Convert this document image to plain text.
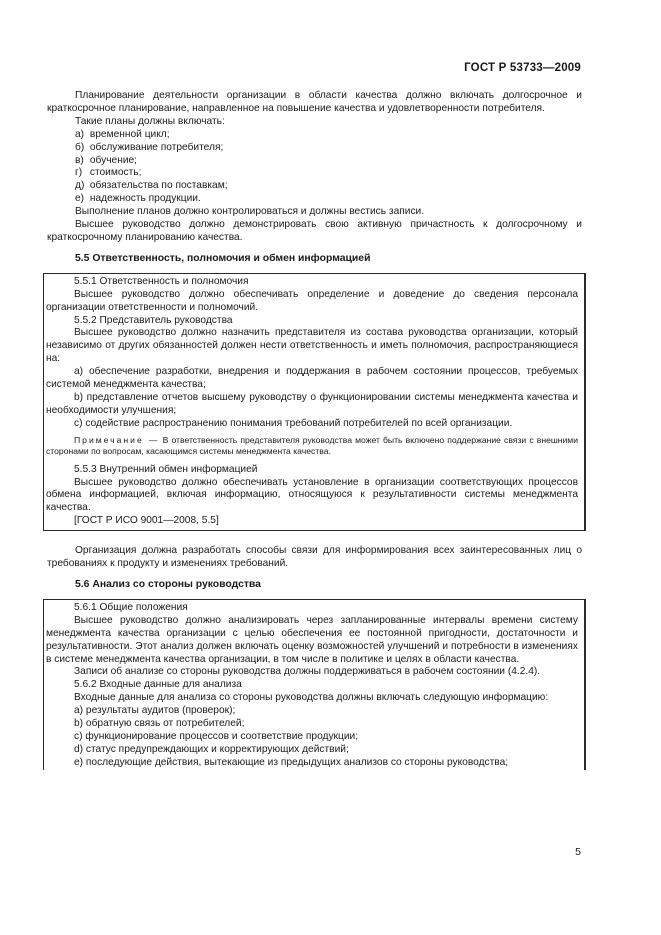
ГОСТ Р 53733—2009

Планирование деятельности организации в области качества должно включать долгосрочное и краткосрочное планирование, направленное на повышение качества и удовлетворенности потребителя.

Такие планы должны включать:

а) временной цикл;

б) обслуживание потребителя;

в) обучение;

г) стоимость;

д) обязательства по поставкам;

е) надежность продукции.

Выполнение планов должно контролироваться и должны вестись записи.

Высшее руководство должно демонстрировать свою активную причастность к долгосрочному и краткосрочному планированию качества.

5.5 Ответственность, полномочия и обмен информацией

5.5.1 Ответственность и полномочия

Высшее руководство должно обеспечивать определение и доведение до сведения персонала организации ответственности и полномочий.

5.5.2 Представитель руководства

Высшее руководство должно назначить представителя из состава руководства организации, который независимо от других обязанностей должен нести ответственность и иметь полномочия, распространяющиеся на:

a) обеспечение разработки, внедрения и поддержания в рабочем состоянии процессов, требуемых системой менеджмента качества;

b) представление отчетов высшему руководству о функционировании системы менеджмента качества и необходимости улучшения;

c) содействие распространению понимания требований потребителей по всей организации.

Примечание — В ответственность представителя руководства может быть включено поддержание связи с внешними сторонами по вопросам, касающимся системы менеджмента качества.

5.5.3 Внутренний обмен информацией

Высшее руководство должно обеспечивать установление в организации соответствующих процессов обмена информацией, включая информацию, относящуюся к результативности системы менеджмента качества.

[ГОСТ Р ИСО 9001—2008, 5.5]

Организация должна разработать способы связи для информирования всех заинтересованных лиц о требованиях к продукту и изменениях требований.

5.6 Анализ со стороны руководства

5.6.1 Общие положения

Высшее руководство должно анализировать через запланированные интервалы времени систему менеджмента качества организации с целью обеспечения ее постоянной пригодности, достаточности и результативности. Этот анализ должен включать оценку возможностей улучшений и потребности в изменениях в системе менеджмента качества организации, в том числе в политике и целях в области качества.

Записи об анализе со стороны руководства должны поддерживаться в рабочем состоянии (4.2.4).

5.6.2 Входные данные для анализа

Входные данные для анализа со стороны руководства должны включать следующую информацию:

a) результаты аудитов (проверок);

b) обратную связь от потребителей;

c) функционирование процессов и соответствие продукции;

d) статус предупреждающих и корректирующих действий;

e) последующие действия, вытекающие из предыдущих анализов со стороны руководства;

5
